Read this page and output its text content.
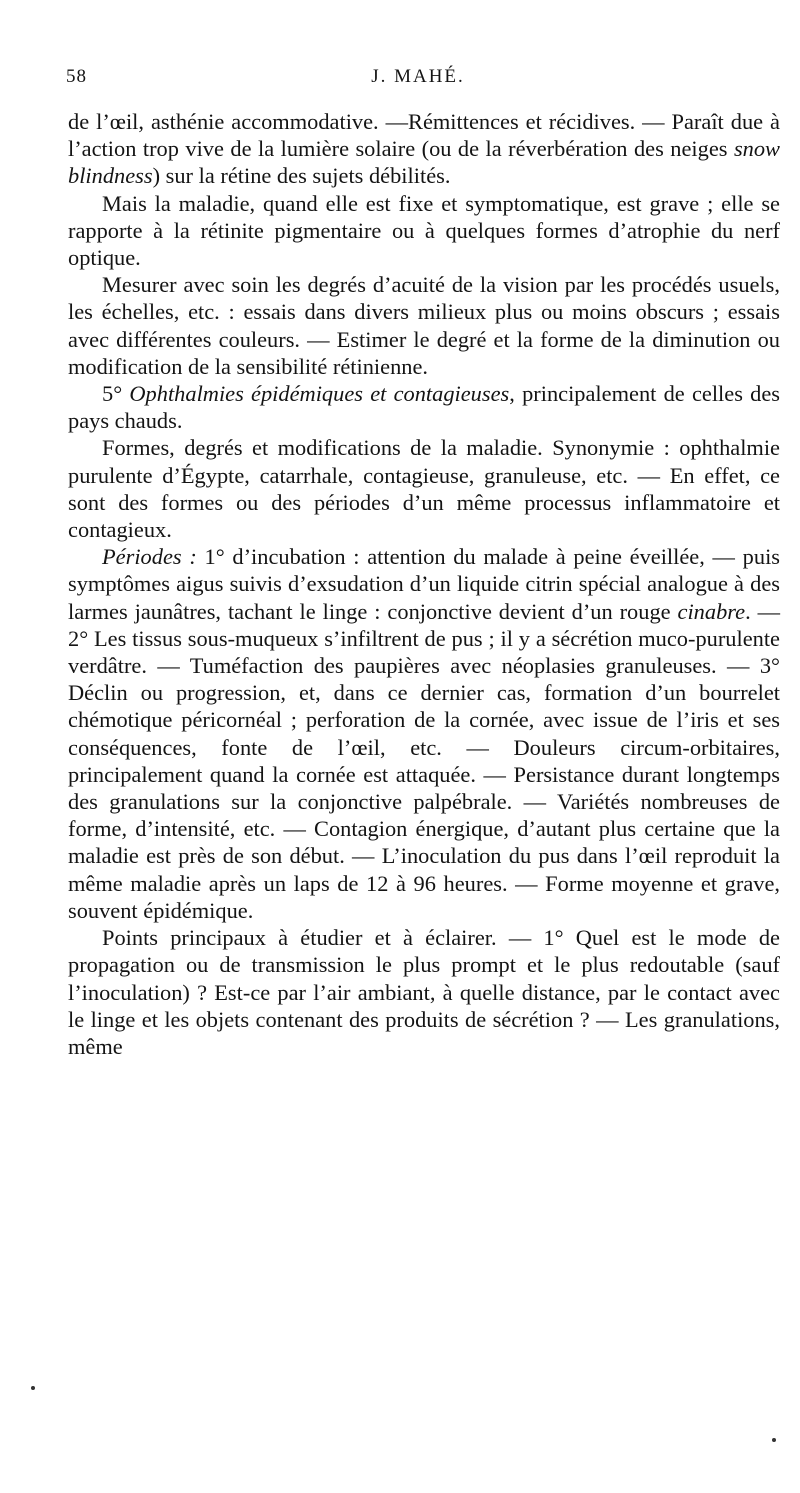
58	J. MAHÉ.

de l’œil, asthénie accommodative. —Rémittences et récidives. — Paraît due à l’action trop vive de la lumière solaire (ou de la réverbération des neiges snow blindness) sur la rétine des sujets débilités.

Mais la maladie, quand elle est fixe et symptomatique, est grave ; elle se rapporte à la rétinite pigmentaire ou à quelques formes d’atrophie du nerf optique.

Mesurer avec soin les degrés d’acuité de la vision par les procédés usuels, les échelles, etc. : essais dans divers milieux plus ou moins obscurs ; essais avec différentes couleurs. — Estimer le degré et la forme de la diminution ou modification de la sensibilité rétinienne.

5° Ophthalmies épidémiques et contagieuses, principalement de celles des pays chauds.

Formes, degrés et modifications de la maladie. Synonymie : ophthalmie purulente d’Égypte, catarrhale, contagieuse, granuleuse, etc. — En effet, ce sont des formes ou des périodes d’un même processus inflammatoire et contagieux.

Périodes : 1° d’incubation : attention du malade à peine éveillée, — puis symptômes aigus suivis d’exsudation d’un liquide citrin spécial analogue à des larmes jaunâtres, tachant le linge : conjonctive devient d’un rouge cinabre. — 2° Les tissus sous-muqueux s’infiltrent de pus ; il y a sécrétion muco-purulente verdâtre. — Tuméfaction des paupières avec néoplasies granuleuses. — 3° Déclin ou progression, et, dans ce dernier cas, formation d’un bourrelet chémotique péricornéal ; perforation de la cornée, avec issue de l’iris et ses conséquences, fonte de l’œil, etc. — Douleurs circum-orbitaires, principalement quand la cornée est attaquée. — Persistance durant longtemps des granulations sur la conjonctive palpébrale. — Variétés nombreuses de forme, d’intensité, etc. — Contagion énergique, d’autant plus certaine que la maladie est près de son début. — L’inoculation du pus dans l’œil reproduit la même maladie après un laps de 12 à 96 heures. — Forme moyenne et grave, souvent épidémique.

Points principaux à étudier et à éclairer. — 1° Quel est le mode de propagation ou de transmission le plus prompt et le plus redoutable (sauf l’inoculation) ? Est-ce par l’air ambiant, à quelle distance, par le contact avec le linge et les objets contenant des produits de sécrétion ? — Les granulations, même
